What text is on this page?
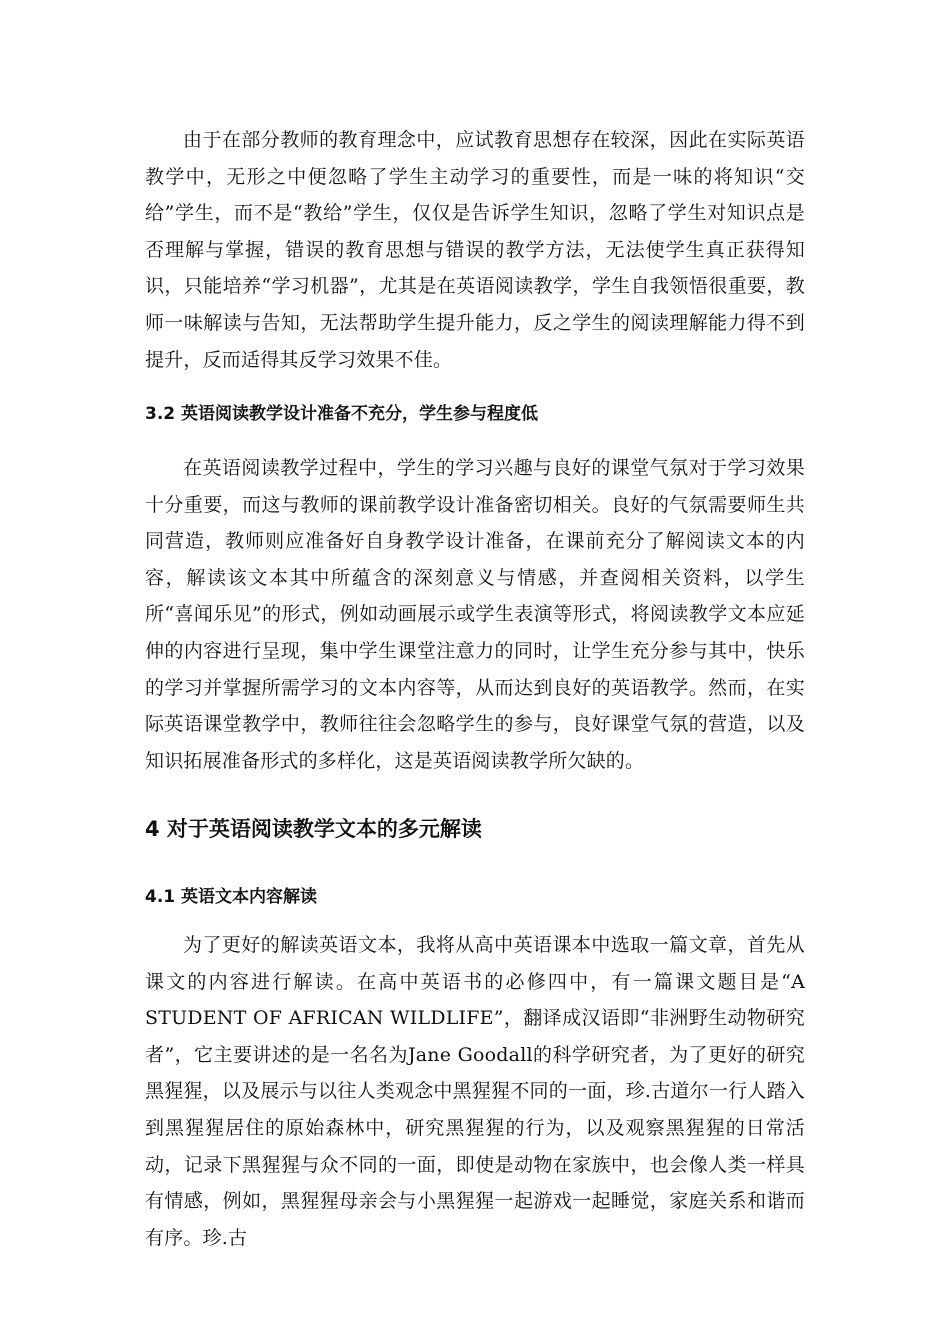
由于在部分教师的教育理念中，应试教育思想存在较深，因此在实际英语教学中，无形之中便忽略了学生主动学习的重要性，而是一味的将知识“交给”学生，而不是“教给”学生，仅仅是告诉学生知识，忽略了学生对知识点是否理解与掌握，错误的教育思想与错误的教学方法，无法使学生真正获得知识，只能培养“学习机器”，尤其是在英语阅读教学，学生自我领悟很重要，教师一味解读与告知，无法帮助学生提升能力，反之学生的阅读理解能力得不到提升，反而适得其反学习效果不佳。

3.2 英语阅读教学设计准备不充分，学生参与程度低

在英语阅读教学过程中，学生的学习兴趣与良好的课堂气氛对于学习效果十分重要，而这与教师的课前教学设计准备密切相关。良好的气氛需要师生共同营造，教师则应准备好自身教学设计准备，在课前充分了解阅读文本的内容，解读该文本其中所蕴含的深刻意义与情感，并查阅相关资料，以学生所“喜闻乐见”的形式，例如动画展示或学生表演等形式，将阅读教学文本应延伸的内容进行呈现，集中学生课堂注意力的同时，让学生充分参与其中，快乐的学习并掌握所需学习的文本内容等，从而达到良好的英语教学。然而，在实际英语课堂教学中，教师往往会忽略学生的参与，良好课堂气氛的营造，以及知识拓展准备形式的多样化，这是英语阅读教学所欠缺的。

4 对于英语阅读教学文本的多元解读
4.1 英语文本内容解读

为了更好的解读英语文本，我将从高中英语课本中选取一篇文章，首先从课文的内容进行解读。在高中英语书的必修四中，有一篇课文题目是“A STUDENT OF AFRICAN WILDLIFE”，翻译成汉语即“非洲野生动物研究者”，它主要讲述的是一名名为Jane Goodall的科学研究者，为了更好的研究黑猩猩，以及展示与以往人类观念中黑猩猩不同的一面，珍.古道尔一行人踏入到黑猩猩居住的原始森林中，研究黑猩猩的行为，以及观察黑猩猩的日常活动，记录下黑猩猩与众不同的一面，即使是动物在家族中，也会像人类一样具有情感，例如，黑猩猩母亲会与小黑猩猩一起游戏一起睡觉，家庭关系和谐而有序。珍.古
